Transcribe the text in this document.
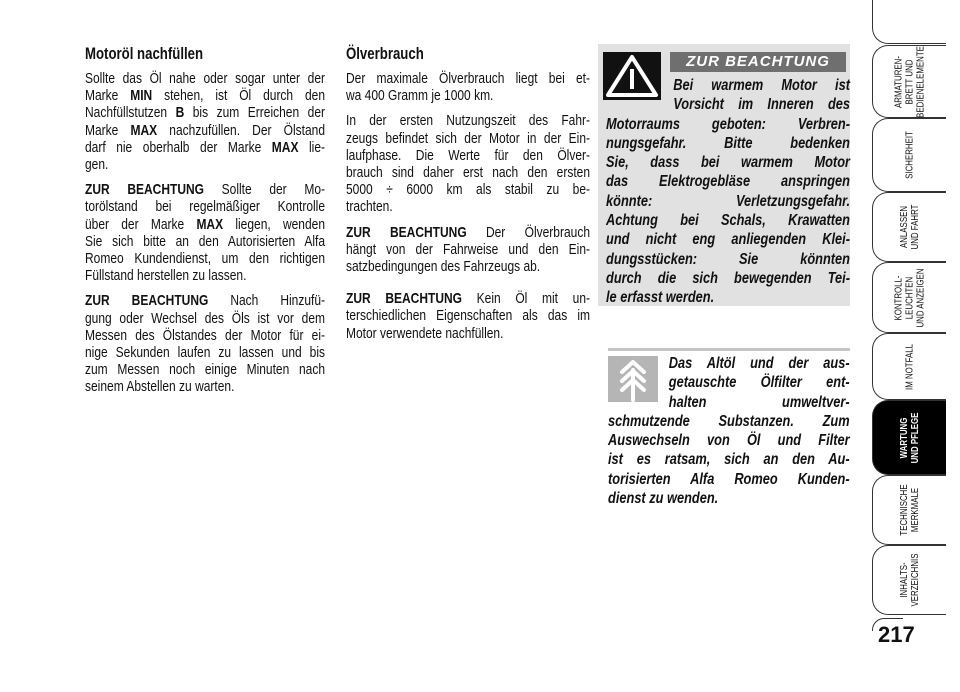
Motoröl nachfüllen
Sollte das Öl nahe oder sogar unter der
Marke MIN stehen, ist Öl durch den
Nachfüllstutzen B bis zum Erreichen der
Marke MAX nachzufüllen. Der Ölstand
darf nie oberhalb der Marke MAX lie-
gen.
ZUR BEACHTUNG Sollte der Mo-
torölstand bei regelmäßiger Kontrolle
über der Marke MAX liegen, wenden
Sie sich bitte an den Autorisierten Alfa
Romeo Kundendienst, um den richtigen
Füllstand herstellen zu lassen.
ZUR BEACHTUNG Nach Hinzufü-
gung oder Wechsel des Öls ist vor dem
Messen des Ölstandes der Motor für ei-
nige Sekunden laufen zu lassen und bis
zum Messen noch einige Minuten nach
seinem Abstellen zu warten.
Ölverbrauch
Der maximale Ölverbrauch liegt bei et-
wa 400 Gramm je 1000 km.
In der ersten Nutzungszeit des Fahr-
zeugs befindet sich der Motor in der Ein-
laufphase. Die Werte für den Ölver-
brauch sind daher erst nach den ersten
5000 ÷ 6000 km als stabil zu be-
trachten.
ZUR BEACHTUNG Der Ölverbrauch
hängt von der Fahrweise und den Ein-
satzbedingungen des Fahrzeugs ab.
ZUR BEACHTUNG Kein Öl mit un-
terschiedlichen Eigenschaften als das im
Motor verwendete nachfüllen.
ZUR BEACHTUNG
Bei warmem Motor ist
Vorsicht im Inneren des
Motorraums geboten: Verbren-
nungsgefahr. Bitte bedenken
Sie, dass bei warmem Motor
das Elektrogebläse anspringen
könnte: Verletzungsgefahr.
Achtung bei Schals, Krawatten
und nicht eng anliegenden Klei-
dungsstücken: Sie könnten
durch die sich bewegenden Tei-
le erfasst werden.
Das Altöl und der aus-
getauschte Ölfilter ent-
halten umweltver-
schmutzende Substanzen. Zum
Auswechseln von Öl und Filter
ist es ratsam, sich an den Au-
torisierten Alfa Romeo Kunden-
dienst zu wenden.
ARMATUREN-
BRETT UND
BEDIENELEMENTE
SICHERHEIT
ANLASSEN
UND FAHRT
KONTROLL-
LEUCHTEN
UND ANZEIGEN
IM NOTFALL
WARTUNG
UND PFLEGE
TECHNISCHE
MERKMALE
INHALTS-
VERZEICHNIS
217
